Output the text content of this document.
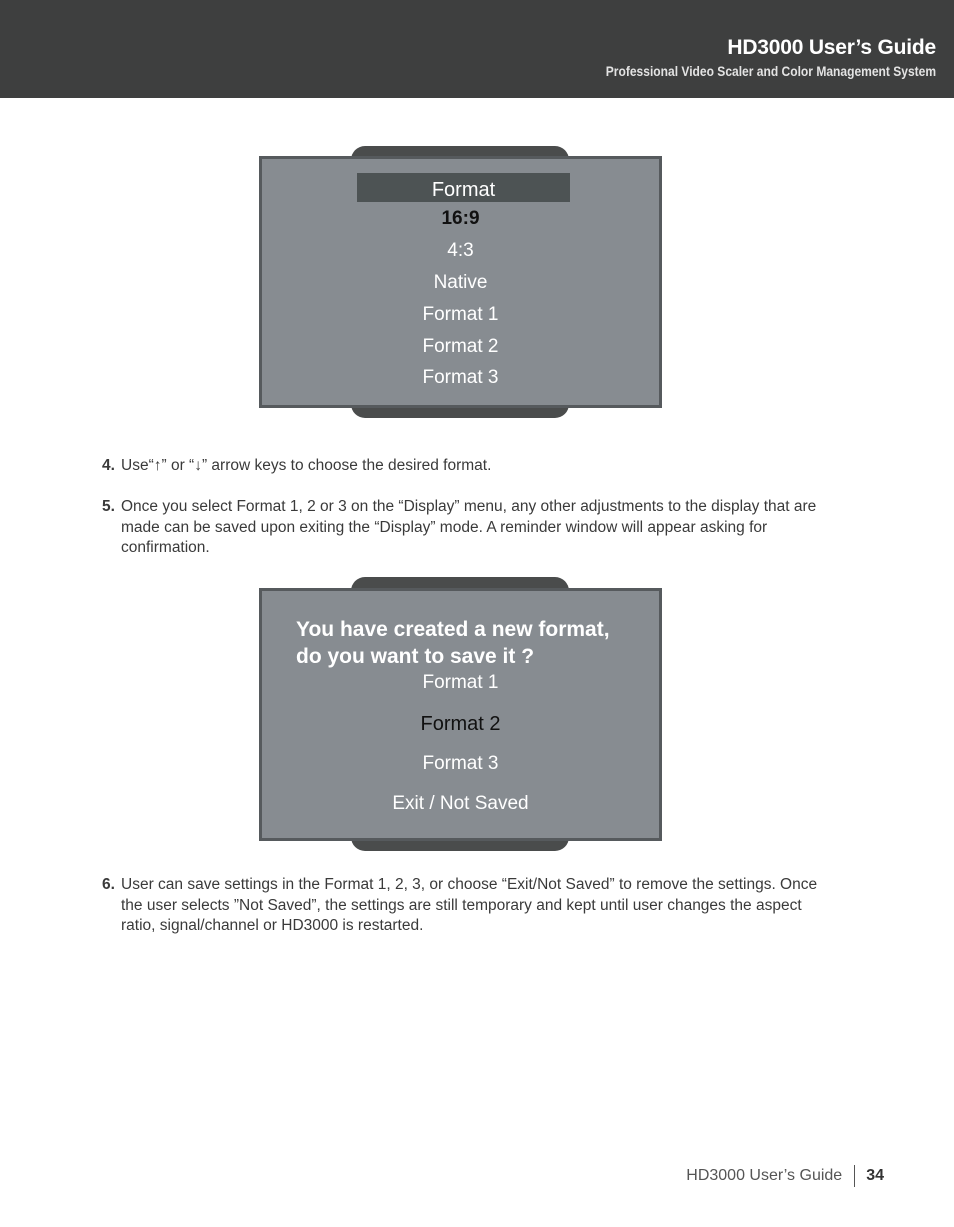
HD3000 User’s Guide
Professional Video Scaler and Color Management System
Format
16:9
4:3
Native
Format 1
Format 2
Format 3
4. Use“↑” or “↓” arrow keys to choose the desired format.
5. Once you select Format 1, 2 or 3 on the “Display” menu, any other adjustments to the display that are made can be saved upon exiting the “Display” mode. A reminder window will appear asking for confirmation.
You have created a new format,
do you want to save it ?
Format 1
Format 2
Format 3
Exit / Not Saved
6. User can save settings in the Format 1, 2, 3, or choose “Exit/Not Saved” to remove the settings. Once the user selects ”Not Saved”, the settings are still temporary and kept until user changes the aspect ratio, signal/channel or HD3000 is restarted.
HD3000 User’s Guide 34
